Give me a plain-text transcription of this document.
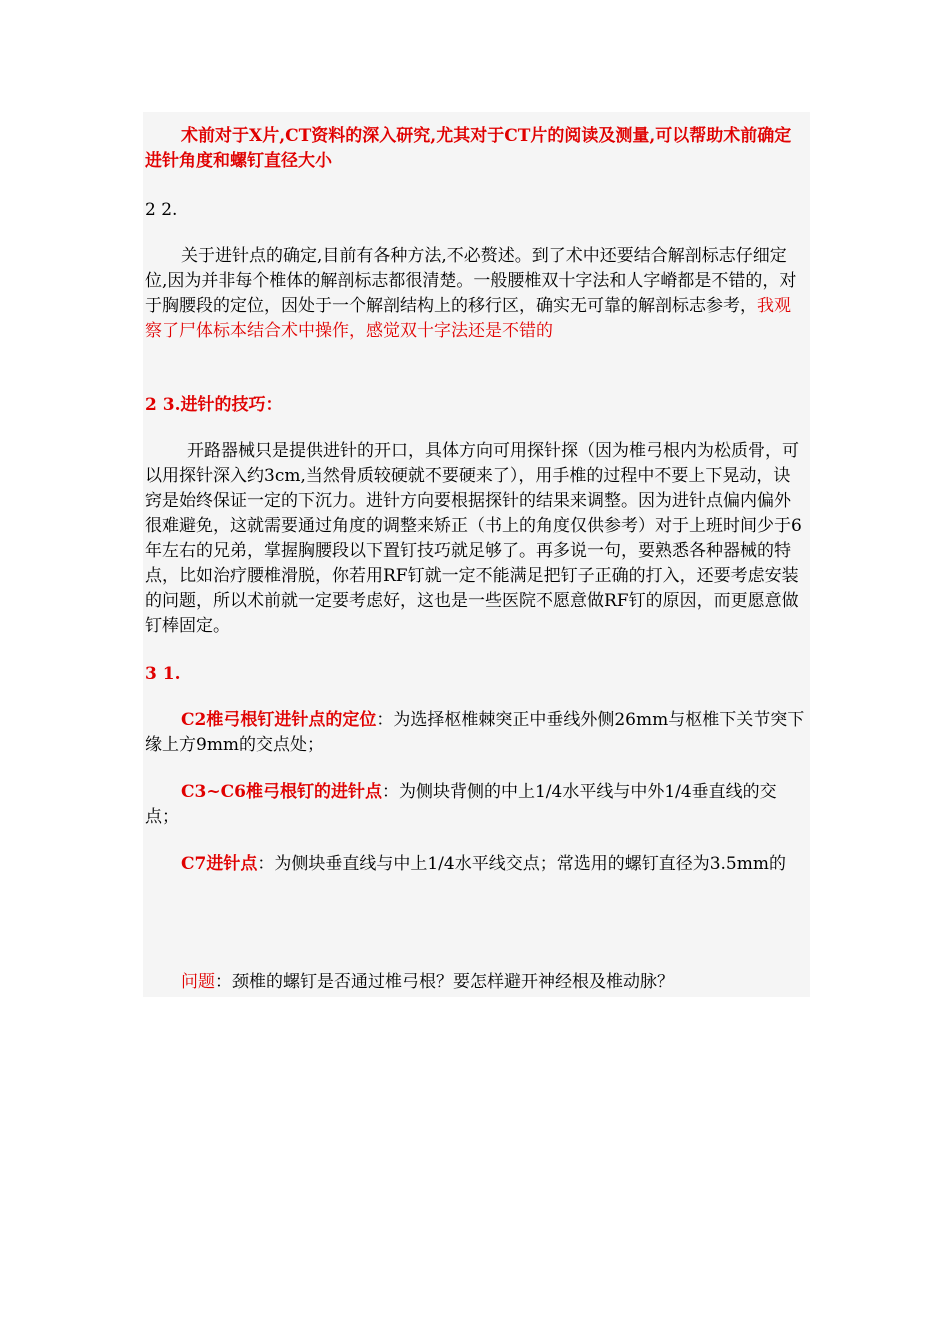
术前对于X片,CT资料的深入研究,尤其对于CT片的阅读及测量,可以帮助术前确定进针角度和螺钉直径大小

2 2.

关于进针点的确定,目前有各种方法,不必赘述。到了术中还要结合解剖标志仔细定位,因为并非每个椎体的解剖标志都很清楚。一般腰椎双十字法和人字嵴都是不错的，对于胸腰段的定位，因处于一个解剖结构上的移行区，确实无可靠的解剖标志参考，我观察了尸体标本结合术中操作，感觉双十字法还是不错的

2 3.进针的技巧：

开路器械只是提供进针的开口，具体方向可用探针探（因为椎弓根内为松质骨，可以用探针深入约3cm,当然骨质较硬就不要硬来了），用手椎的过程中不要上下晃动，诀窍是始终保证一定的下沉力。进针方向要根据探针的结果来调整。因为进针点偏内偏外很难避免，这就需要通过角度的调整来矫正（书上的角度仅供参考）对于上班时间少于6年左右的兄弟，掌握胸腰段以下置钉技巧就足够了。再多说一句，要熟悉各种器械的特点，比如治疗腰椎滑脱，你若用RF钉就一定不能满足把钉子正确的打入，还要考虑安装的问题，所以术前就一定要考虑好，这也是一些医院不愿意做RF钉的原因，而更愿意做钉棒固定。

3 1.

C2椎弓根钉进针点的定位：为选择枢椎棘突正中垂线外侧26mm与枢椎下关节突下缘上方9mm的交点处；

C3~C6椎弓根钉的进针点：为侧块背侧的中上1/4水平线与中外1/4垂直线的交点；

C7进针点：为侧块垂直线与中上1/4水平线交点；常选用的螺钉直径为3.5mm的

问题：颈椎的螺钉是否通过椎弓根？要怎样避开神经根及椎动脉？
